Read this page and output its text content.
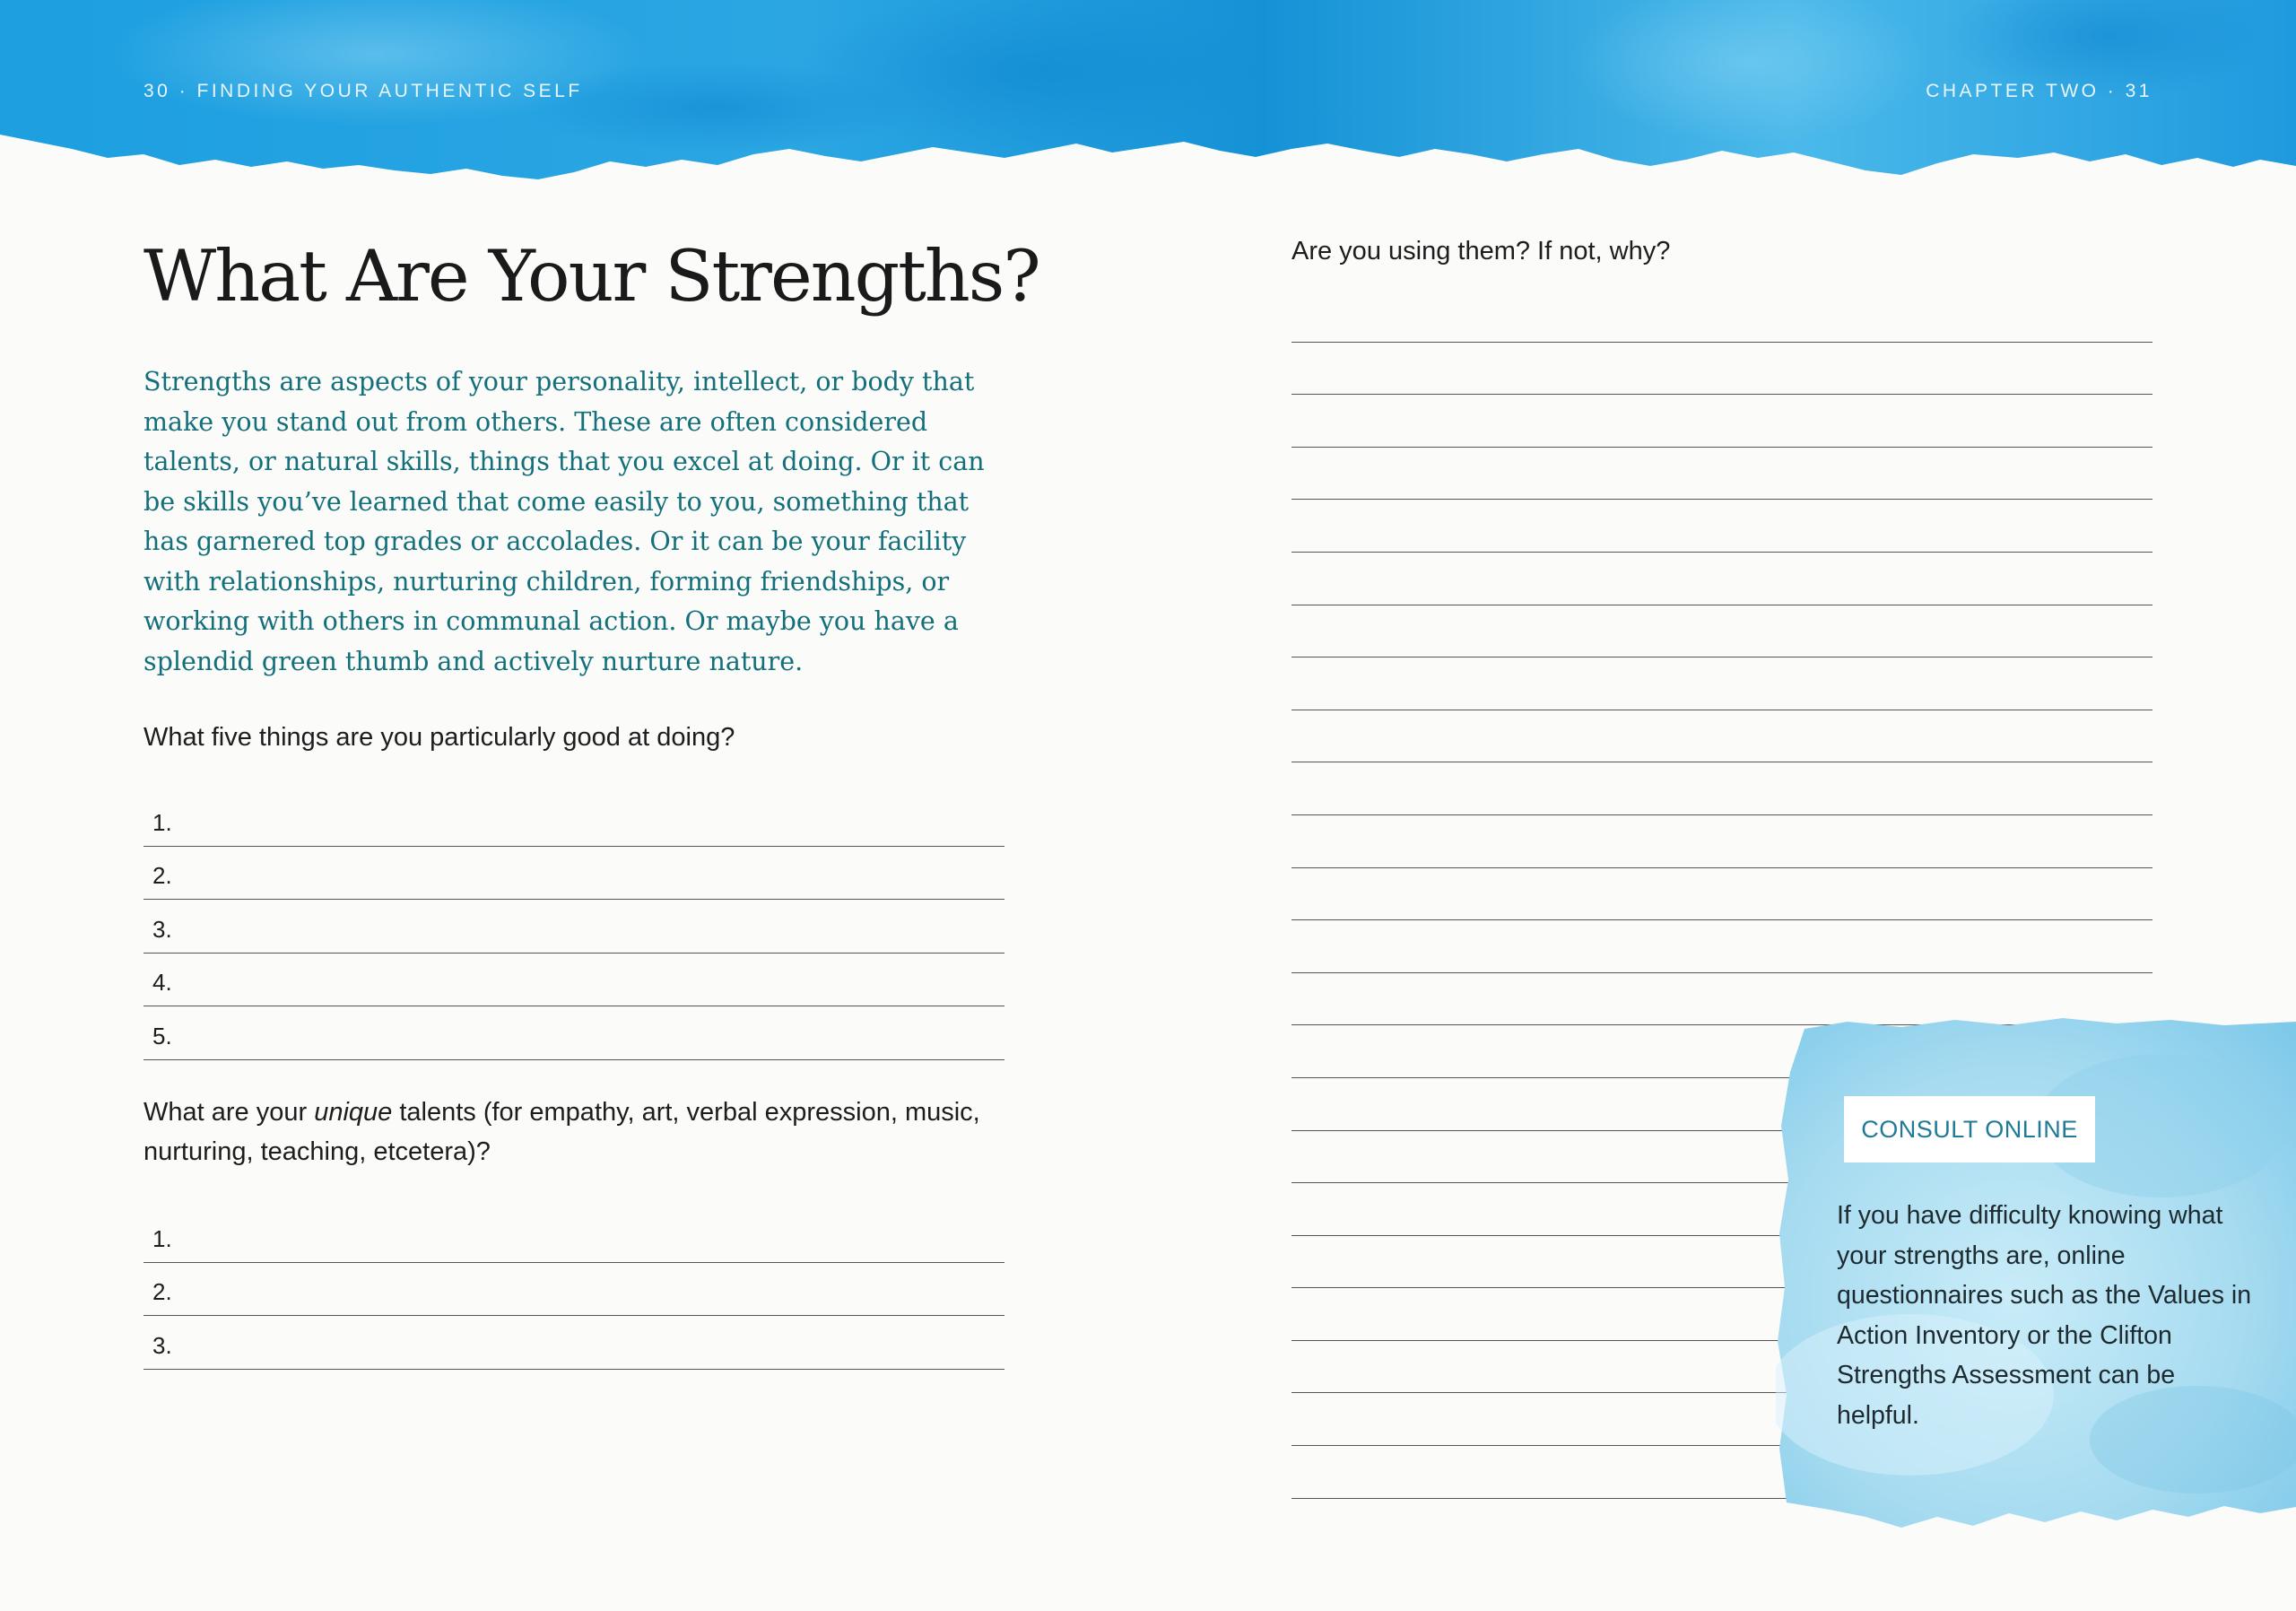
30 · FINDING YOUR AUTHENTIC SELF	CHAPTER TWO · 31
What Are Your Strengths?

Strengths are aspects of your personality, intellect, or body that make you stand out from others. These are often considered talents, or natural skills, things that you excel at doing. Or it can be skills you’ve learned that come easily to you, something that has garnered top grades or accolades. Or it can be your facility with relationships, nurturing children, forming friendships, or working with others in communal action. Or maybe you have a splendid green thumb and actively nurture nature.

What five things are you particularly good at doing?

1.
2.
3.
4.
5.

What are your unique talents (for empathy, art, verbal expression, music, nurturing, teaching, etcetera)?

1.
2.
3.

Are you using them? If not, why?

CONSULT ONLINE

If you have difficulty knowing what your strengths are, online questionnaires such as the Values in Action Inventory or the Clifton Strengths Assessment can be helpful.
